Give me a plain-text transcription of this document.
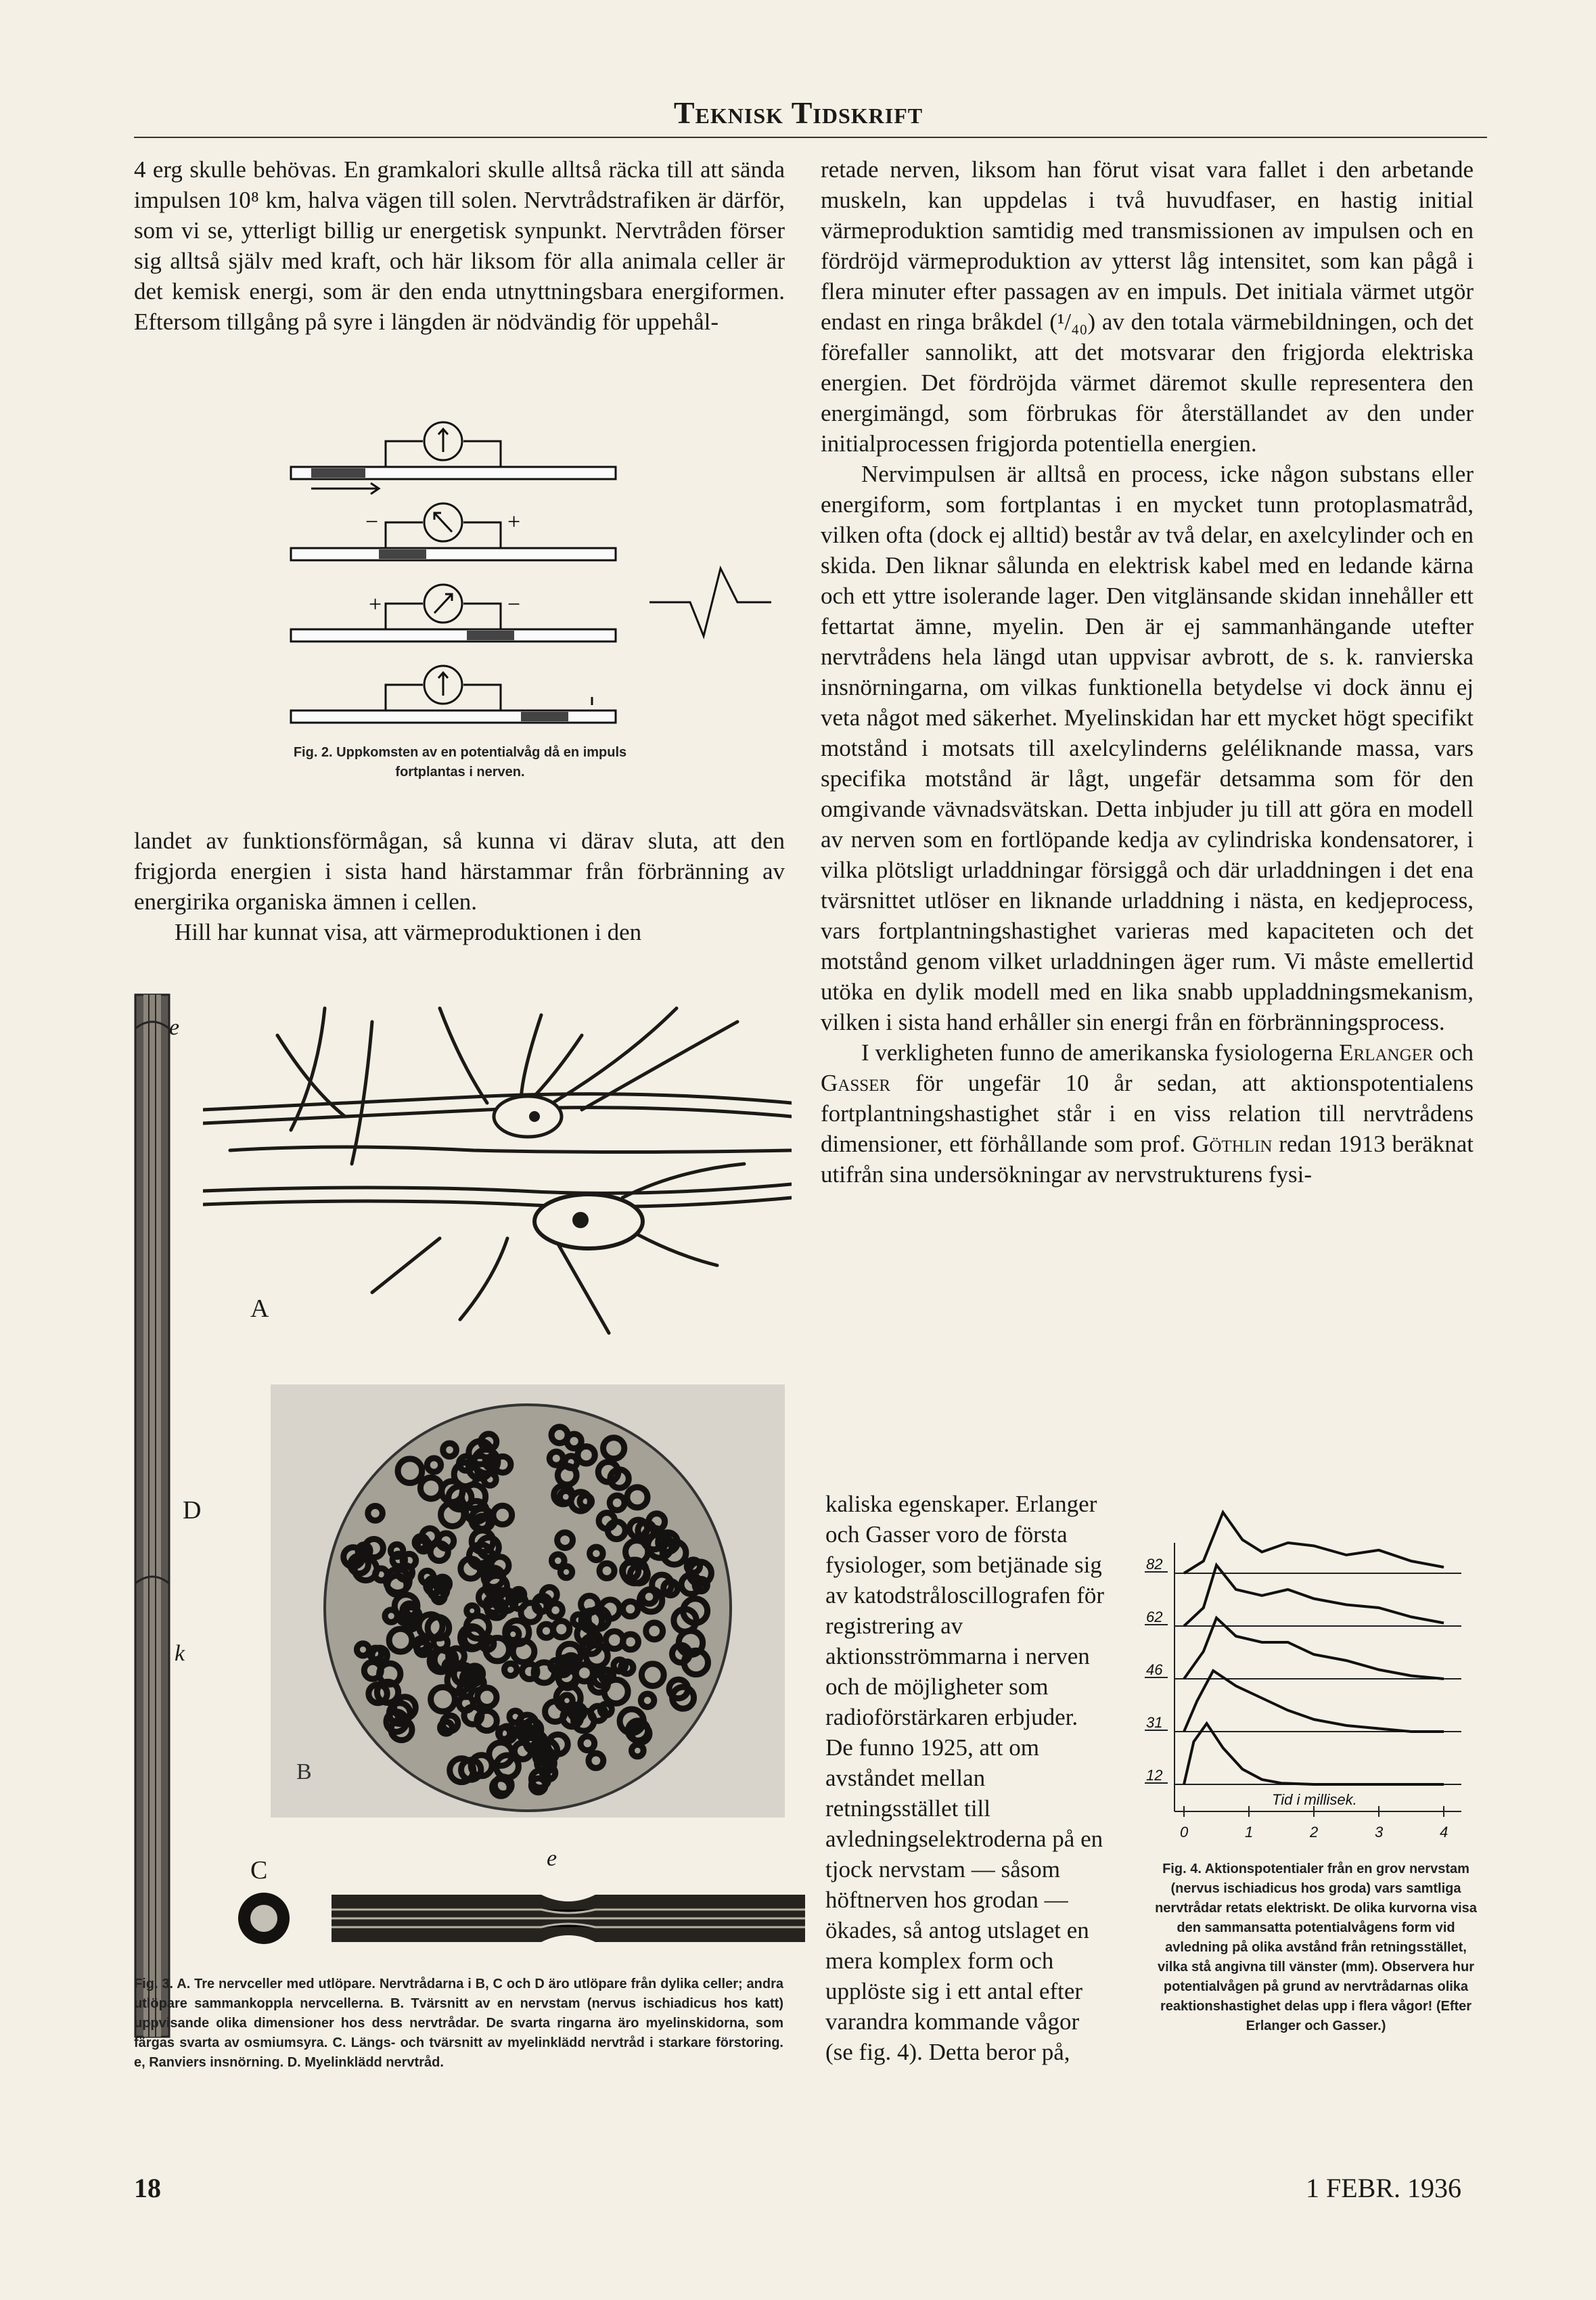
Teknisk Tidskrift

4 erg skulle behövas. En gramkalori skulle alltså räcka till att sända impulsen 10⁸ km, halva vägen till solen. Nervtrådstrafiken är därför, som vi se, ytterligt billig ur energetisk synpunkt. Nervtråden förser sig alltså själv med kraft, och här liksom för alla animala celler är det kemisk energi, som är den enda utnyttningsbara energiformen. Eftersom tillgång på syre i längden är nödvändig för uppehål-

−	+
+	−
Fig. 2. Uppkomsten av en potentialvåg då en impuls fortplantas i nerven.

landet av funktionsförmågan, så kunna vi därav sluta, att den frigjorda energien i sista hand härstammar från förbränning av energirika organiska ämnen i cellen.

Hill har kunnat visa, att värmeproduktionen i den

e
D
k
A
B
C	e
Fig. 3. A. Tre nervceller med utlöpare. Nervtrådarna i B, C och D äro utlöpare från dylika celler; andra utlöpare sammankoppla nervcellerna. B. Tvärsnitt av en nervstam (nervus ischiadicus hos katt) uppvisande olika dimensioner hos dess nervtrådar. De svarta ringarna äro myelinskidorna, som färgas svarta av osmiumsyra. C. Längs- och tvärsnitt av myelinklädd nervtråd i starkare förstoring. e, Ranviers insnörning. D. Myelinklädd nervtråd.

retade nerven, liksom han förut visat vara fallet i den arbetande muskeln, kan uppdelas i två huvudfaser, en hastig initial värmeproduktion samtidig med transmissionen av impulsen och en fördröjd värmeproduktion av ytterst låg intensitet, som kan pågå i flera minuter efter passagen av en impuls. Det initiala värmet utgör endast en ringa bråkdel (¹/₄₀) av den totala värmebildningen, och det förefaller sannolikt, att det motsvarar den frigjorda elektriska energien. Det fördröjda värmet däremot skulle representera den energimängd, som förbrukas för återställandet av den under initialprocessen frigjorda potentiella energien.

Nervimpulsen är alltså en process, icke någon substans eller energiform, som fortplantas i en mycket tunn protoplasmatråd, vilken ofta (dock ej alltid) består av två delar, en axelcylinder och en skida. Den liknar sålunda en elektrisk kabel med en ledande kärna och ett yttre isolerande lager. Den vitglänsande skidan innehåller ett fettartat ämne, myelin. Den är ej sammanhängande utefter nervtrådens hela längd utan uppvisar avbrott, de s. k. ranvierska insnörningarna, om vilkas funktionella betydelse vi dock ännu ej veta något med säkerhet. Myelinskidan har ett mycket högt specifikt motstånd i motsats till axelcylinderns geléliknande massa, vars specifika motstånd är lågt, ungefär detsamma som för den omgivande vävnadsvätskan. Detta inbjuder ju till att göra en modell av nerven som en fortlöpande kedja av cylindriska kondensatorer, i vilka plötsligt urladdningar försiggå och där urladdningen i det ena tvärsnittet utlöser en liknande urladdning i nästa, en kedjeprocess, vars fortplantningshastighet varieras med kapaciteten och det motstånd genom vilket urladdningen äger rum. Vi måste emellertid utöka en dylik modell med en lika snabb uppladdningsmekanism, vilken i sista hand erhåller sin energi från en förbränningsprocess.

I verkligheten funno de amerikanska fysiologerna Erlanger och Gasser för ungefär 10 år sedan, att aktionspotentialens fortplantningshastighet står i en viss relation till nervtrådens dimensioner, ett förhållande som prof. Göthlin redan 1913 beräknat utifrån sina undersökningar av nervstrukturens fysi-

kaliska egenskaper. Erlanger och Gasser voro de första fysiologer, som betjänade sig av katodstråloscillografen för registrering av aktionsströmmarna i nerven och de möjligheter som radioförstärkaren erbjuder. De funno 1925, att om avståndet mellan retningsstället till avledningselektroderna på en tjock nervstam — såsom höftnerven hos grodan — ökades, så antog utslaget en mera komplex form och upplöste sig i ett antal efter varandra kommande vågor (se fig. 4). Detta beror på,

82
62
46
31
12
0	1	2	3	4
Tid i millisek.
Fig. 4. Aktionspotentialer från en grov nervstam (nervus ischiadicus hos groda) vars samtliga nervtrådar retats elektriskt. De olika kurvorna visa den sammansatta potentialvågens form vid avledning på olika avstånd från retningsstället, vilka stå angivna till vänster (mm). Observera hur potentialvågen på grund av nervtrådarnas olika reaktionshastighet delas upp i flera vågor! (Efter Erlanger och Gasser.)
18	1 FEBR. 1936
